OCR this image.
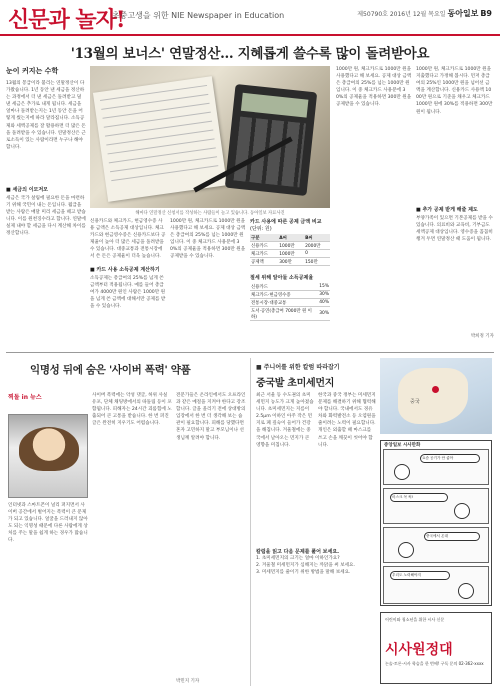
신문과 놀자!
초중고생을 위한 NIE Newspaper in Education	제50790호 2016년 12월 목요일 동아일보 B9
'13월의 보너스' 연말정산… 지혜롭게 쓸수록 많이 돌려받아요
눈이 커지는 수학
13월의 봉급이라 불리는 연말정산이 다가왔습니다. 1년 동안 낸 세금을 정산하는 과정에서 더 낸 세금은 돌려받고 덜 낸 세금은 추가로 내게 됩니다. 세금을 얼마나 돌려받는지는 1년 동안 돈을 어떻게 썼는지에 따라 달라집니다. 소득공제와 세액공제를 잘 활용하면 더 많은 돈을 돌려받을 수 있습니다. 연말정산은 근로소득이 있는 사람이라면 누구나 해야 합니다.
■ 세금의 이모저모
세금은 국가 살림에 필요한 돈을 마련하기 위해 국민이 내는 돈입니다. 월급을 받는 사람은 매달 미리 세금을 떼고 받습니다. 이를 원천징수라고 합니다. 연말에 실제 내야 할 세금을 다시 계산해 차이를 정산합니다.
해마다 연말정산 신청서를 작성하는 사람들이 늘고 있습니다. 동아일보 자료사진
신용카드와 체크카드, 현금영수증 사용 금액은 소득공제 대상입니다. 체크카드와 현금영수증은 신용카드보다 공제율이 높아 더 많은 세금을 돌려받을 수 있습니다. 대중교통과 전통시장에서 쓴 돈은 공제율이 더욱 높습니다.
■ 카드 사용 소득공제 계산하기
소득공제는 총급여의 25%를 넘게 쓴 금액부터 적용됩니다. 예를 들어 총급여가 4000만 원인 사람은 1000만 원을 넘게 쓴 금액에 대해서만 공제를 받을 수 있습니다.
1000만 원, 체크카드로 1000만 원을 사용했다고 해 보세요. 공제 대상 금액은 총급여의 25%를 넘는 1000만 원입니다. 이 중 체크카드 사용분에 30%의 공제율을 적용하면 300만 원을 공제받을 수 있습니다.
카드 사용에 따른 공제 금액 비교 (단위: 원)
구분	A씨	B씨
신용카드	1000만	2000만
체크카드	1000만	0
공제액	300만	150만
절세 위해 알아둘 소득공제율
신용카드	15%
체크카드·현금영수증	30%
전통시장·대중교통	40%
도서·공연(총급여 7000만 원 이하)	30%
1000만 원, 체크카드로 1000만 원을 사용했다고 해 보세요. 공제 대상 금액은 총급여의 25%를 넘는 1000만 원입니다. 이 중 체크카드 사용분에 30%의 공제율을 적용하면 300만 원을 공제받을 수 있습니다.
1000만 원, 체크카드로 1000만 원을 지출했다고 가정해 봅시다. 먼저 총급여의 25%인 1000만 원을 넘어선 금액을 계산합니다. 신용카드 사용액 1000만 원으로 기준을 채우고 체크카드 1000만 원에 30%를 적용하면 300만 원이 됩니다.
■ 추가 공제 받게 해줄 제도
부양가족이 있으면 기본공제를 받을 수 있습니다. 의료비와 교육비, 기부금도 세액공제 대상입니다. 영수증을 꼼꼼히 챙겨 두면 연말정산 때 도움이 됩니다.
박희정 기자
익명성 뒤에 숨은 '사이버 폭력' 약품
찍돌 in 뉴스
인터넷과 스마트폰이 널리 퍼지면서 사이버 공간에서 벌어지는 폭력이 큰 문제가 되고 있습니다. 얼굴을 드러내지 않아도 되는 익명성 때문에 다른 사람에게 상처를 주는 말을 쉽게 하는 경우가 많습니다.
사이버 폭력에는 악성 댓글, 허위 사실 유포, 단체 채팅방에서의 따돌림 등이 포함됩니다. 피해자는 24시간 괴롭힘에 노출되어 큰 고통을 받습니다. 한 번 퍼진 글은 완전히 지우기도 어렵습니다.
전문가들은 온라인에서도 오프라인과 같은 예절을 지켜야 한다고 강조합니다. 글을 올리기 전에 상대방의 입장에서 한 번 더 생각해 보는 습관이 필요합니다. 피해를 당했다면 혼자 고민하지 말고 부모님이나 선생님께 알려야 합니다.
박민지 기자
■ 주니어를 위한 칼럼 따라잡기
중국발 초미세먼지
최근 서울 등 수도권의 초미세먼지 농도가 크게 높아졌습니다. 초미세먼지는 지름이 2.5μm 이하인 아주 작은 먼지로 폐 깊숙이 들어가 건강을 해칩니다. 겨울철에는 중국에서 날아오는 먼지가 큰 영향을 미칩니다.
한국과 중국 정부는 미세먼지 문제를 해결하기 위해 협력해야 합니다. 국내에서도 경유차와 화력발전소 등 오염원을 줄이려는 노력이 필요합니다. 개인은 외출할 때 마스크를 쓰고 손을 깨끗이 씻어야 합니다.
칼럼을 읽고 다음 문제를 풀어 보세요.
1. 초미세먼지의 크기는 얼마 이하인가요?
2. 겨울철 미세먼지가 심해지는 까닭을 써 보세요.
3. 미세먼지를 줄이기 위한 방법을 말해 보세요.
중국
중앙일보 시사만화
요즘 공기가 안 좋아
마스크 꼭 써!
중국에서 온대
우리도 노력해야지
어린이와 청소년을 위한 시사 신문
시사원정대
논술·토론·시사 학습을 한 번에! 구독 문의 02-362-xxxx
